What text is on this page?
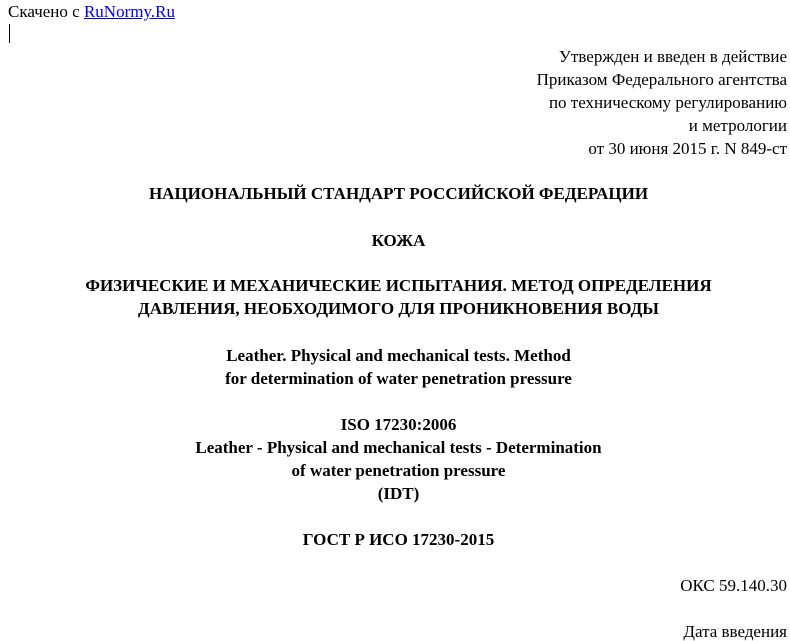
Скачено с RuNormy.Ru
Утвержден и введен в действие
Приказом Федерального агентства
по техническому регулированию
и метрологии
от 30 июня 2015 г. N 849-ст
НАЦИОНАЛЬНЫЙ СТАНДАРТ РОССИЙСКОЙ ФЕДЕРАЦИИ
КОЖА
ФИЗИЧЕСКИЕ И МЕХАНИЧЕСКИЕ ИСПЫТАНИЯ. МЕТОД ОПРЕДЕЛЕНИЯ
ДАВЛЕНИЯ, НЕОБХОДИМОГО ДЛЯ ПРОНИКНОВЕНИЯ ВОДЫ
Leather. Physical and mechanical tests. Method
for determination of water penetration pressure
ISO 17230:2006
Leather - Physical and mechanical tests - Determination
of water penetration pressure
(IDT)
ГОСТ Р ИСО 17230-2015
ОКС 59.140.30
Дата введения
